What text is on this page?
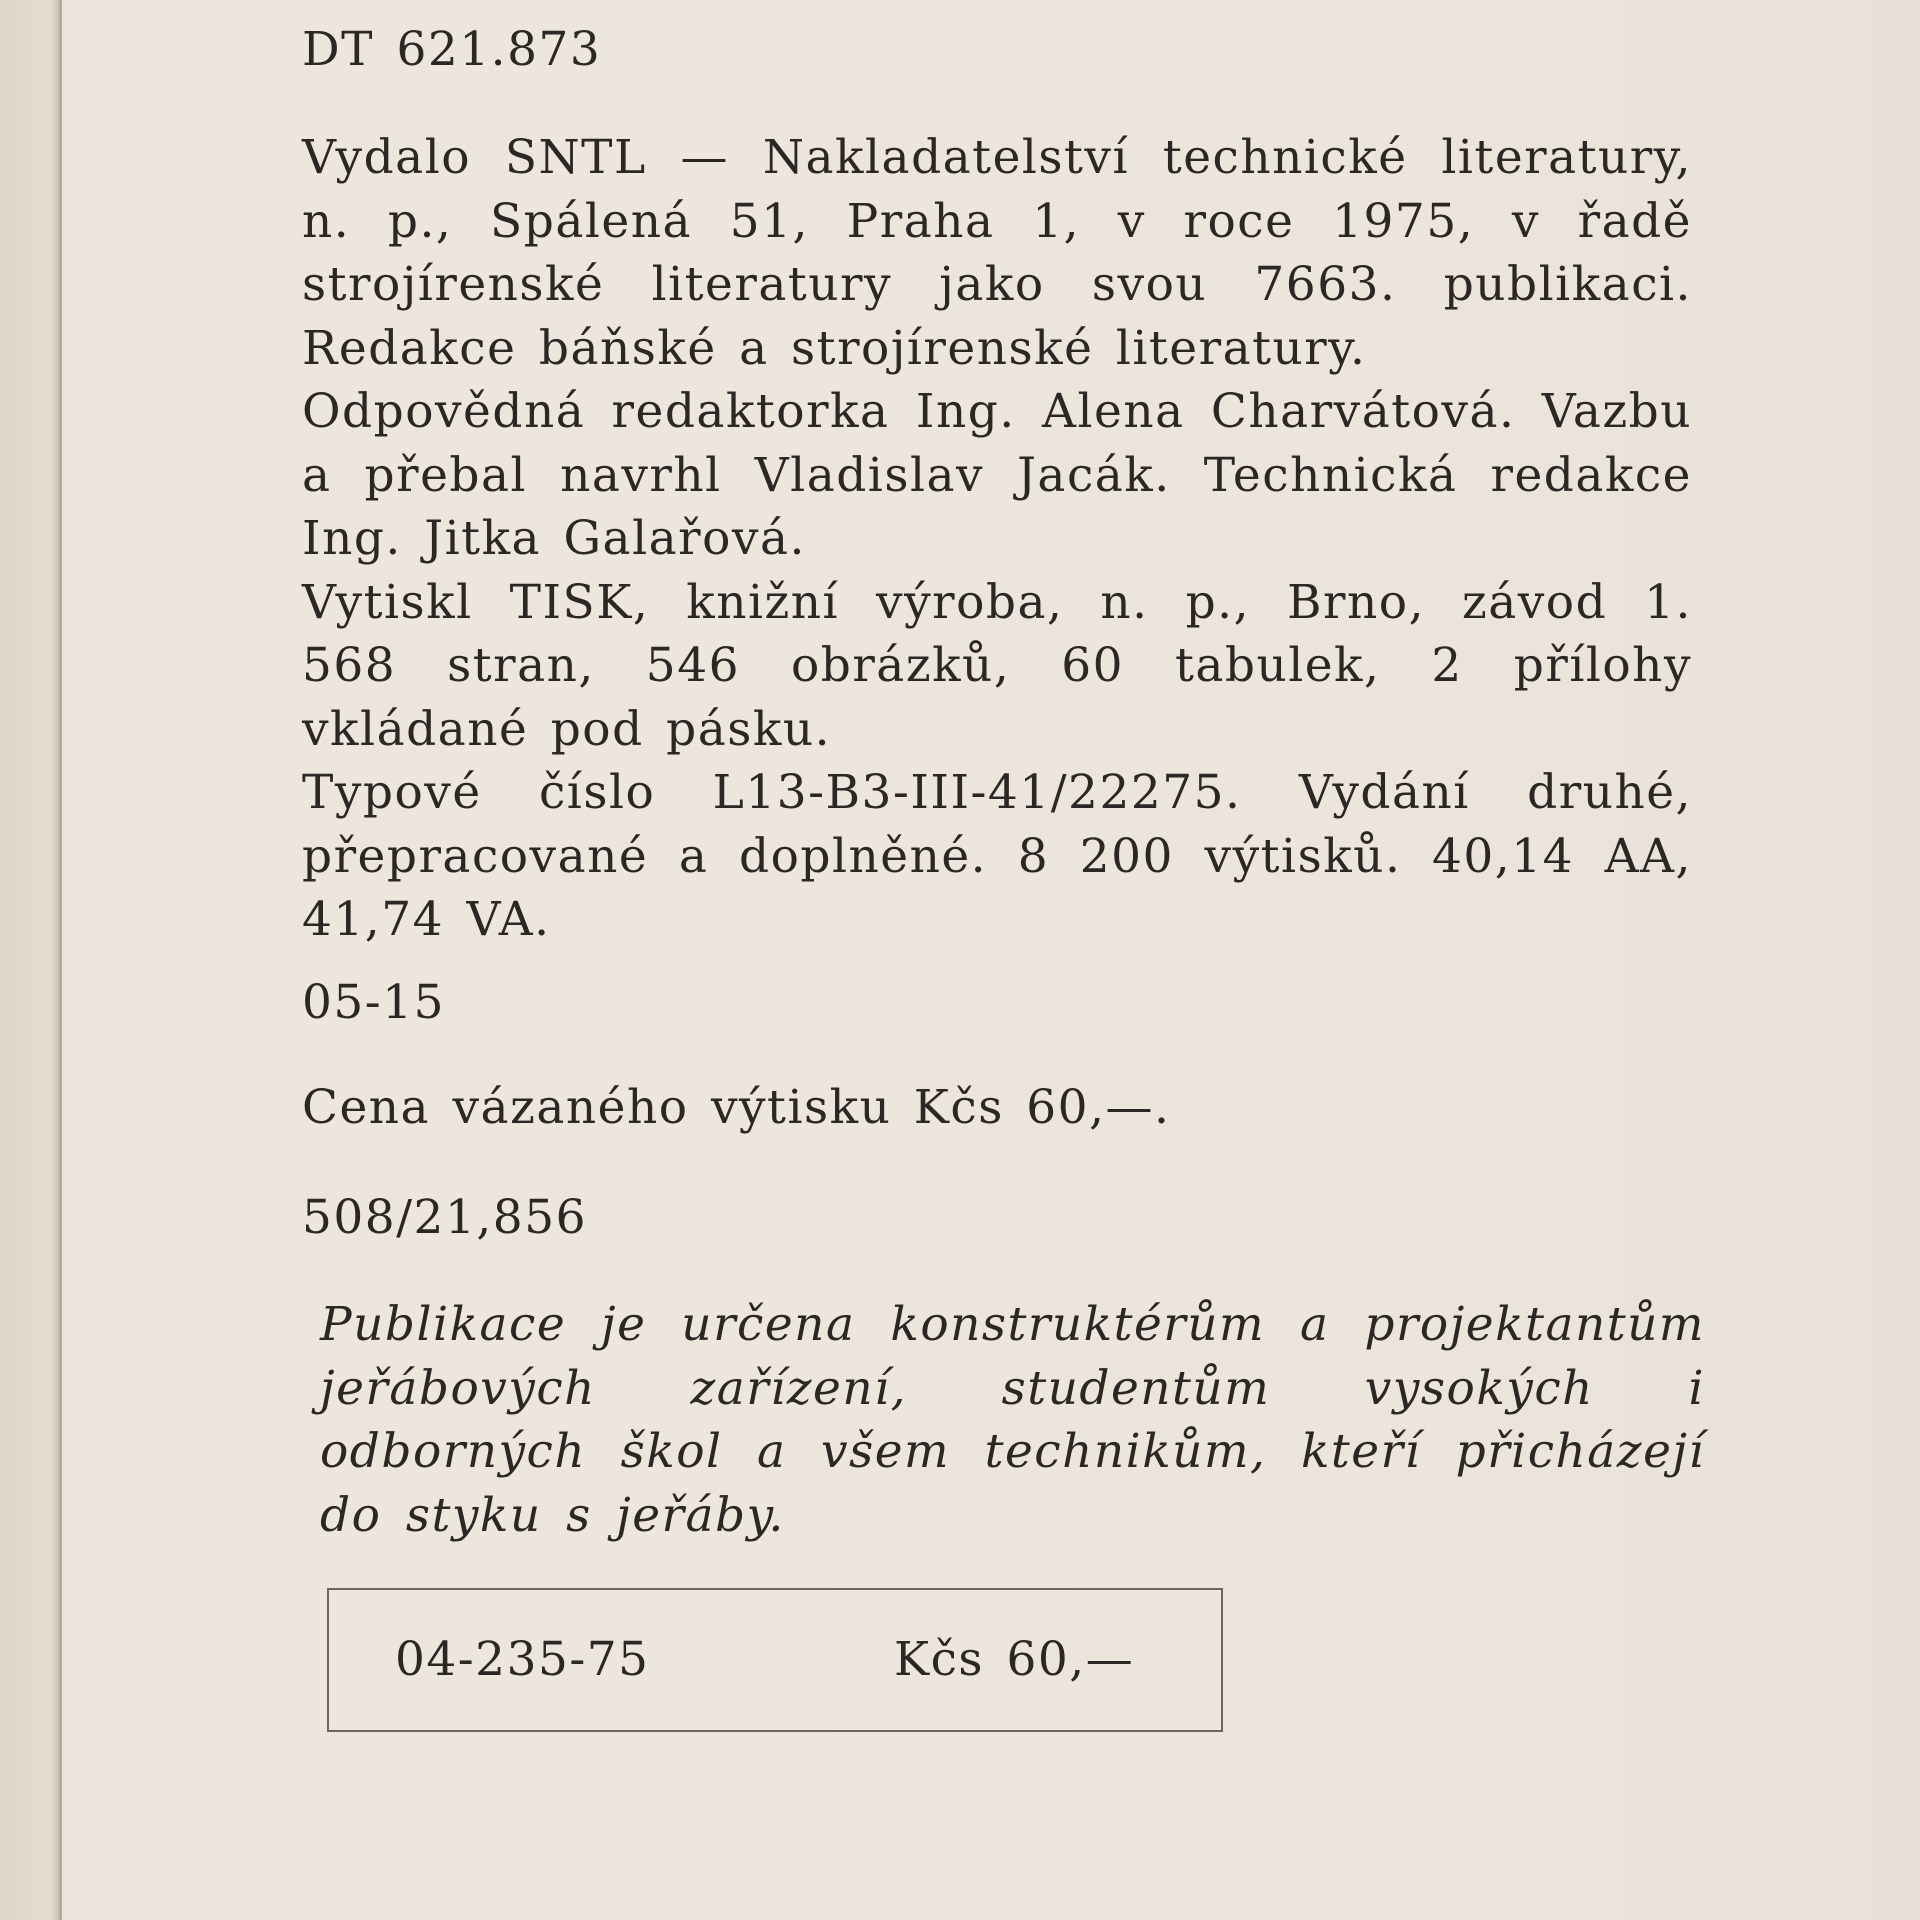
DT 621.873

Vydalo SNTL — Nakladatelství technické literatury, n. p., Spálená 51, Praha 1, v roce 1975, v řadě strojírenské literatury jako svou 7663. publikaci. Redakce báňské a strojírenské literatury.

Odpovědná redaktorka Ing. Alena Charvátová. Vazbu a přebal navrhl Vladislav Jacák. Technická redakce Ing. Jitka Galařová.

Vytiskl TISK, knižní výroba, n. p., Brno, závod 1. 568 stran, 546 obrázků, 60 tabulek, 2 přílohy vkládané pod pásku.

Typové číslo L13-B3-III-41/22275. Vydání druhé, přepracované a doplněné. 8 200 výtisků. 40,14 AA, 41,74 VA.

05-15
Cena vázaného výtisku Kčs 60,—.
508/21,856
Publikace je určena konstruktérům a projektantům jeřábových zařízení, studentům vysokých i odborných škol a všem technikům, kteří přicházejí do styku s jeřáby.
04-235-75	Kčs 60,—
